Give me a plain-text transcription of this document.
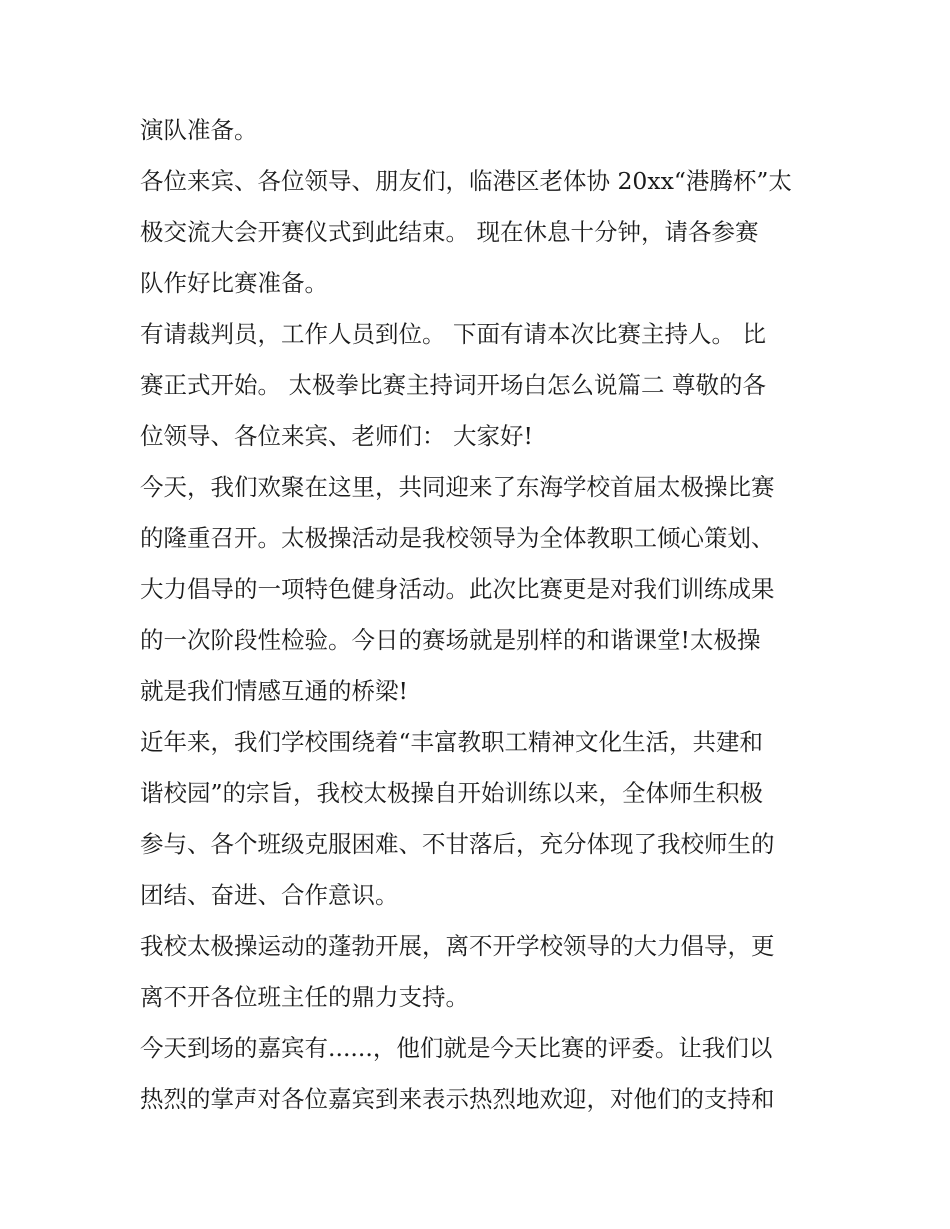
演队准备。
各位来宾、各位领导、朋友们，临港区老体协 20xx“港腾杯”太
极交流大会开赛仪式到此结束。 现在休息十分钟，请各参赛
队作好比赛准备。
有请裁判员，工作人员到位。 下面有请本次比赛主持人。 比
赛正式开始。 太极拳比赛主持词开场白怎么说篇二 尊敬的各
位领导、各位来宾、老师们： 大家好!
今天，我们欢聚在这里，共同迎来了东海学校首届太极操比赛
的隆重召开。太极操活动是我校领导为全体教职工倾心策划、
大力倡导的一项特色健身活动。此次比赛更是对我们训练成果
的一次阶段性检验。今日的赛场就是别样的和谐课堂!太极操
就是我们情感互通的桥梁!
近年来，我们学校围绕着“丰富教职工精神文化生活，共建和
谐校园”的宗旨，我校太极操自开始训练以来，全体师生积极
参与、各个班级克服困难、不甘落后，充分体现了我校师生的
团结、奋进、合作意识。
我校太极操运动的蓬勃开展，离不开学校领导的大力倡导，更
离不开各位班主任的鼎力支持。
今天到场的嘉宾有......，他们就是今天比赛的评委。让我们以
热烈的掌声对各位嘉宾到来表示热烈地欢迎，对他们的支持和
